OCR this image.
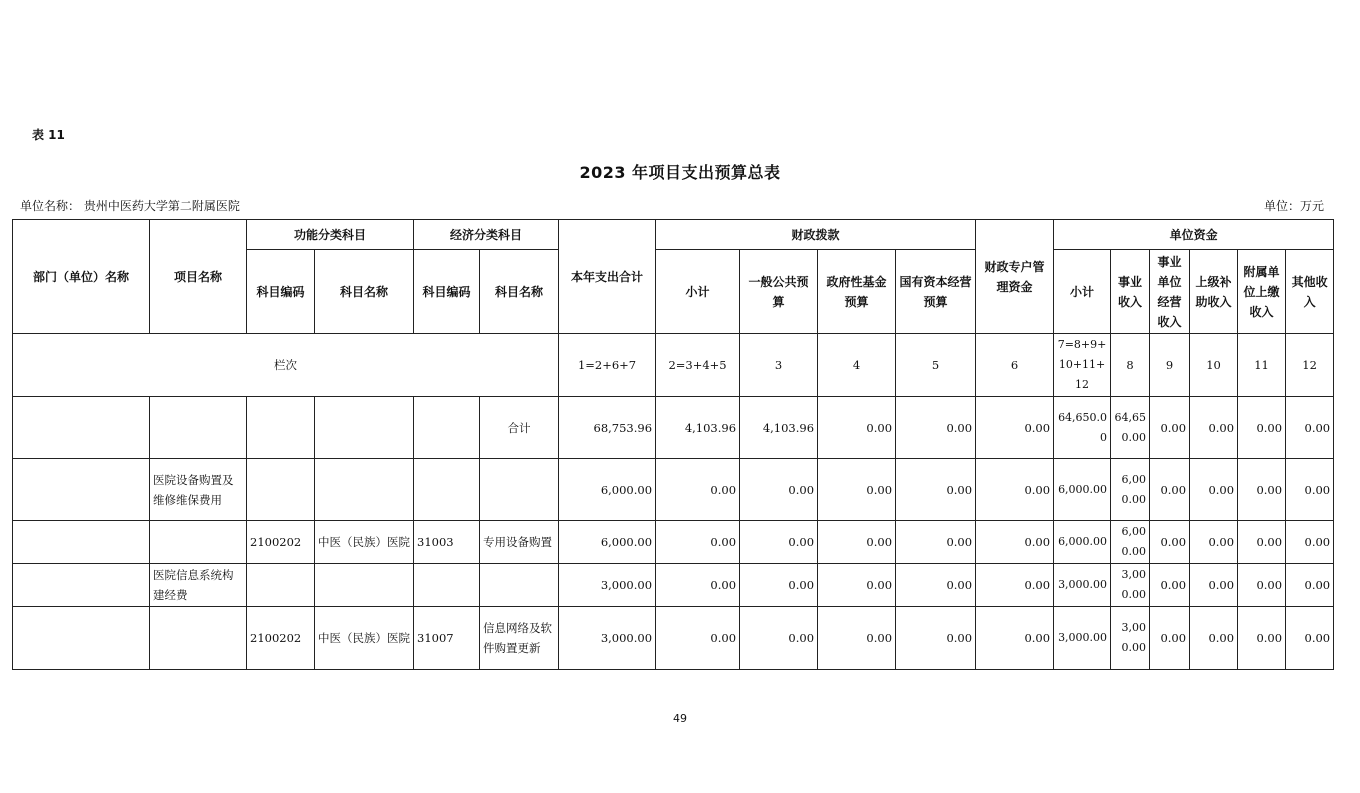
表 11
2023 年项目支出预算总表
单位名称： 贵州中医药大学第二附属医院	单位：万元
部门（单位）名称	项目名称	功能分类科目		经济分类科目		本年支出合计	财政拨款				财政专户管理资金	单位资金					
		科目编码	科目名称	科目编码	科目名称		小计	一般公共预算	政府性基金预算	国有资本经营预算		小计	事业收入	事业单位经营收入	上级补助收入	附属单位上缴收入	其他收入
栏次						1=2+6+7	2=3+4+5	3	4	5	6	7=8+9+10+11+12	8	9	10	11	12
					合计	68,753.96	4,103.96	4,103.96	0.00	0.00	0.00	64,650.00	64,650.00	0.00	0.00	0.00	0.00
	医院设备购置及维修维保费用					6,000.00	0.00	0.00	0.00	0.00	0.00	6,000.00	6,000.00	0.00	0.00	0.00	0.00
		2100202	中医（民族）医院	31003	专用设备购置	6,000.00	0.00	0.00	0.00	0.00	0.00	6,000.00	6,000.00	0.00	0.00	0.00	0.00
	医院信息系统构建经费					3,000.00	0.00	0.00	0.00	0.00	0.00	3,000.00	3,000.00	0.00	0.00	0.00	0.00
		2100202	中医（民族）医院	31007	信息网络及软件购置更新	3,000.00	0.00	0.00	0.00	0.00	0.00	3,000.00	3,000.00	0.00	0.00	0.00	0.00
49
